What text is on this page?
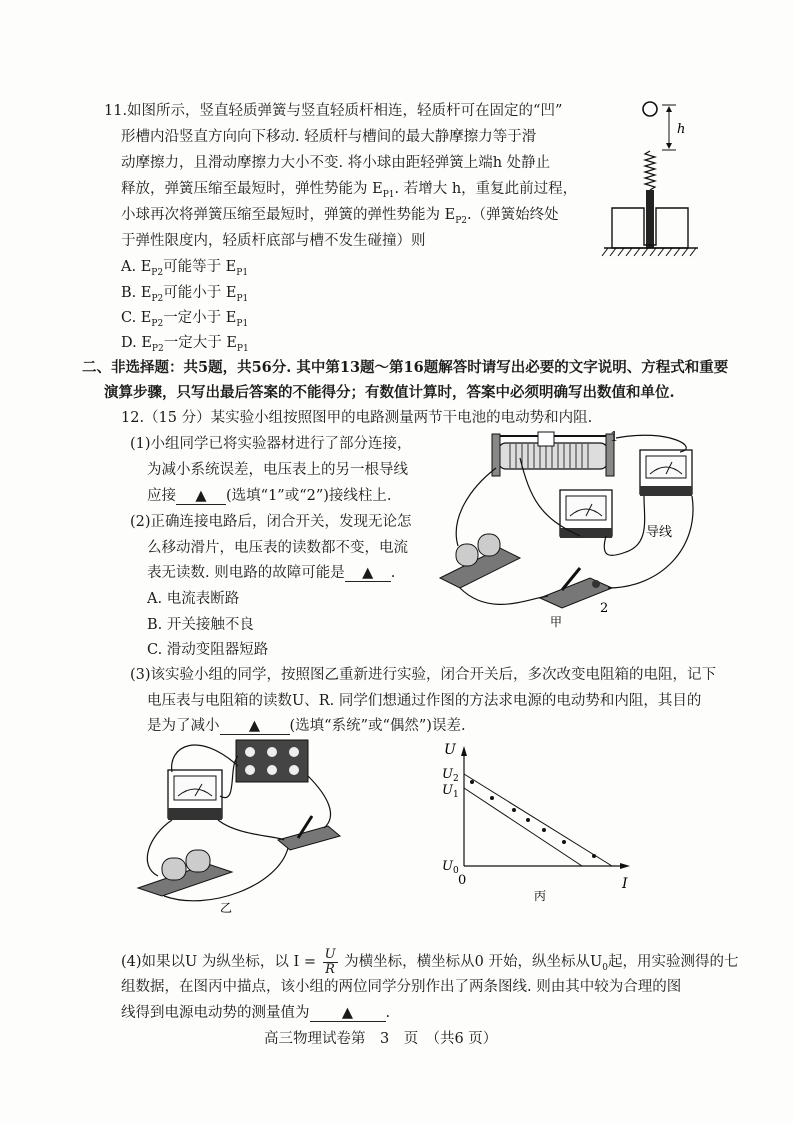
11.如图所示，竖直轻质弹簧与竖直轻质杆相连，轻质杆可在固定的“凹”
形槽内沿竖直方向向下移动. 轻质杆与槽间的最大静摩擦力等于滑
动摩擦力，且滑动摩擦力大小不变. 将小球由距轻弹簧上端h 处静止
释放，弹簧压缩至最短时，弹性势能为 $E_{P1}$. 若增大 h，重复此前过程，
小球再次将弹簧压缩至最短时，弹簧的弹性势能为 $E_{P2}$.（弹簧始终处
于弹性限度内，轻质杆底部与槽不发生碰撞）则
A. $E_{P2}$可能等于 $E_{P1}$
B. $E_{P2}$可能小于 $E_{P1}$
C. $E_{P2}$一定小于 $E_{P1}$
D. $E_{P2}$一定大于 $E_{P1}$
h
二、非选择题：共5题，共56分. 其中第13题～第16题解答时请写出必要的文字说明、方程式和重要
演算步骤，只写出最后答案的不能得分；有数值计算时，答案中必须明确写出数值和单位.
12.（15 分）某实验小组按照图甲的电路测量两节干电池的电动势和内阻.
(1)小组同学已将实验器材进行了部分连接，
为减小系统误差，电压表上的另一根导线
应接 ▲ (选填“1”或“2”)接线柱上.
(2)正确连接电路后，闭合开关，发现无论怎
么移动滑片，电压表的读数都不变，电流
表无读数. 则电路的故障可能是 ▲ .
A. 电流表断路
B. 开关接触不良
C. 滑动变阻器短路
1
2
导线
甲
(3)该实验小组的同学，按照图乙重新进行实验，闭合开关后，多次改变电阻箱的电阻，记下
电压表与电阻箱的读数U、R. 同学们想通过作图的方法求电源的电动势和内阻，其目的
是为了减小 ▲ (选填“系统”或“偶然”)误差.
乙
U
I
0
$U_2$
$U_1$
$U_0$
丙
(4)如果以U 为纵坐标，以 $I = \frac{U}{R}$ 为横坐标，横坐标从0 开始，纵坐标从$U_0$起，用实验测得的七
组数据，在图丙中描点，该小组的两位同学分别作出了两条图线. 则由其中较为合理的图
线得到电源电动势的测量值为 ▲ .
高三物理试卷第　3　页　（共6 页）
